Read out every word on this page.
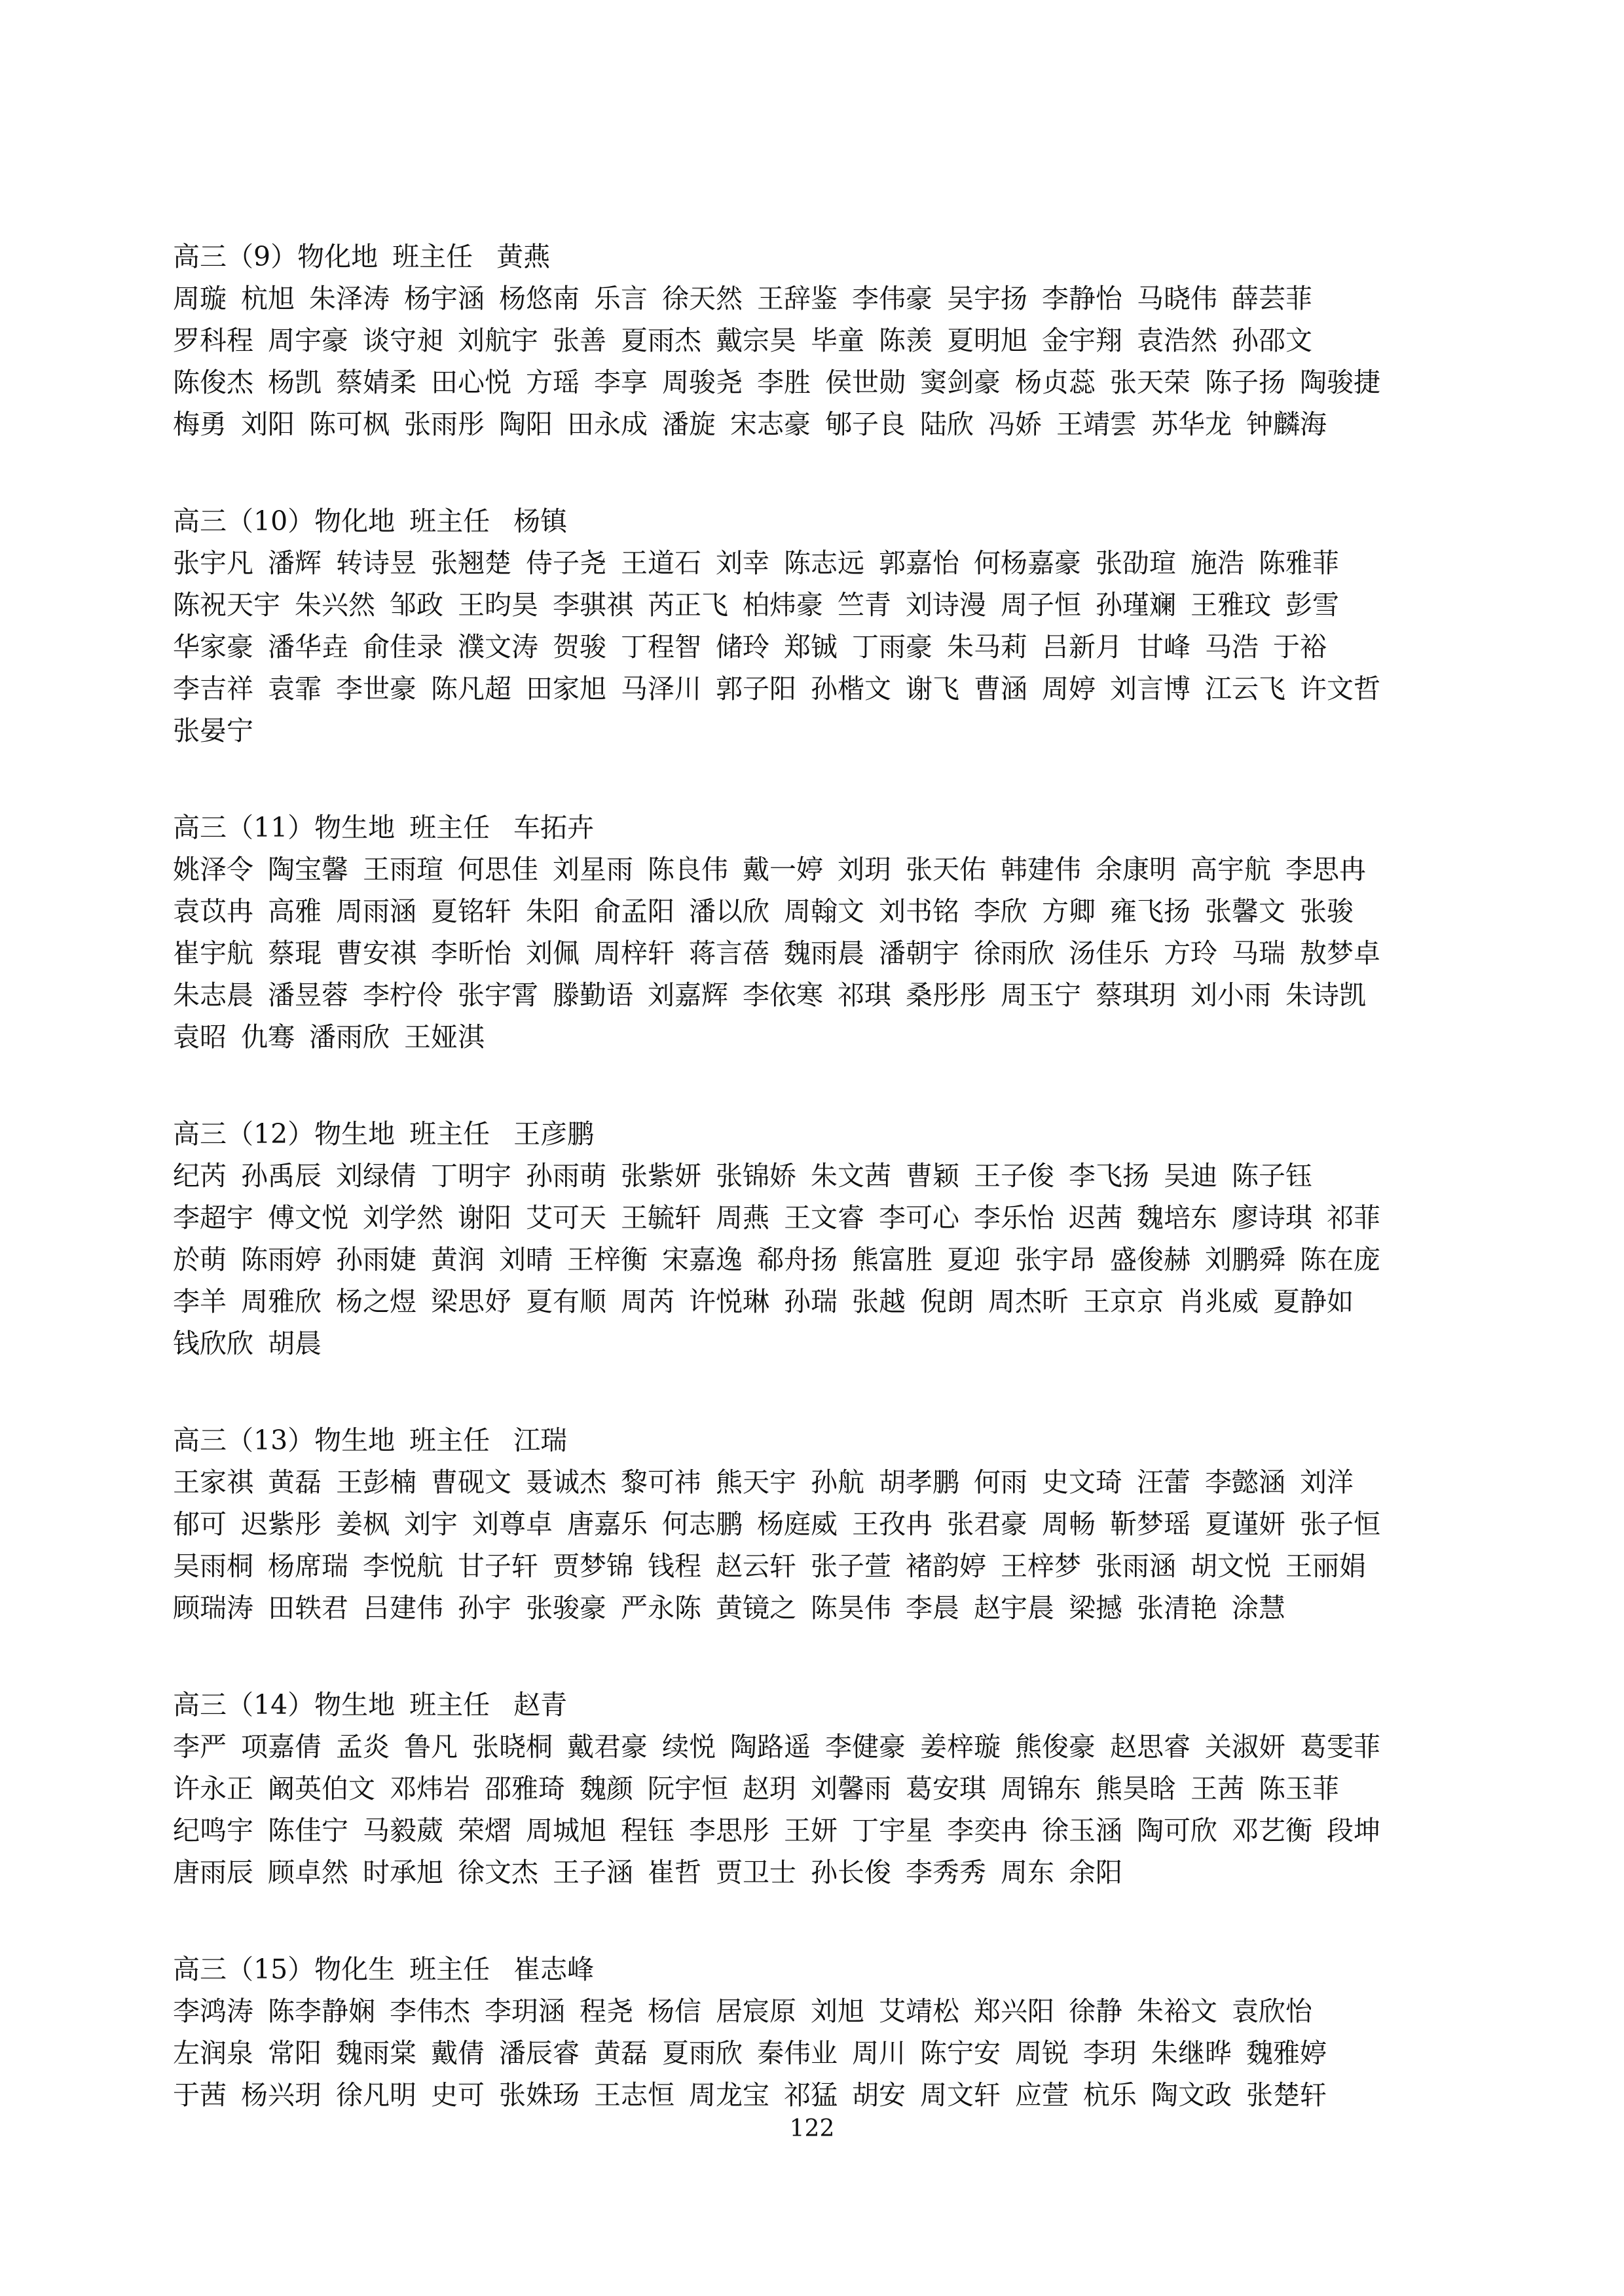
高三（9）物化地 班主任 黄燕
周璇 杭旭 朱泽涛 杨宇涵 杨悠南 乐言 徐天然 王辞鉴 李伟豪 吴宇扬 李静怡 马晓伟 薛芸菲
罗科程 周宇豪 谈守昶 刘航宇 张善 夏雨杰 戴宗昊 毕童 陈羡 夏明旭 金宇翔 袁浩然 孙邵文
陈俊杰 杨凯 蔡婧柔 田心悦 方瑶 李享 周骏尧 李胜 侯世勋 窦剑豪 杨贞蕊 张天荣 陈子扬 陶骏捷
梅勇 刘阳 陈可枫 张雨彤 陶阳 田永成 潘旋 宋志豪 郇子良 陆欣 冯娇 王靖雲 苏华龙 钟麟海
高三（10）物化地 班主任 杨镇
张宇凡 潘辉 转诗昱 张翘楚 侍子尧 王道石 刘幸 陈志远 郭嘉怡 何杨嘉豪 张劭瑄 施浩 陈雅菲
陈祝天宇 朱兴然 邹政 王昀昊 李骐祺 芮正飞 柏炜豪 竺青 刘诗漫 周子恒 孙瑾斓 王雅玟 彭雪
华家豪 潘华垚 俞佳录 濮文涛 贺骏 丁程智 储玲 郑铖 丁雨豪 朱马莉 吕新月 甘峰 马浩 于裕
李吉祥 袁霏 李世豪 陈凡超 田家旭 马泽川 郭子阳 孙楷文 谢飞 曹涵 周婷 刘言博 江云飞 许文哲
张晏宁
高三（11）物生地 班主任 车拓卉
姚泽令 陶宝馨 王雨瑄 何思佳 刘星雨 陈良伟 戴一婷 刘玥 张天佑 韩建伟 余康明 高宇航 李思冉
袁苡冉 高雅 周雨涵 夏铭轩 朱阳 俞孟阳 潘以欣 周翰文 刘书铭 李欣 方卿 雍飞扬 张馨文 张骏
崔宇航 蔡琨 曹安祺 李昕怡 刘佩 周梓轩 蒋言蓓 魏雨晨 潘朝宇 徐雨欣 汤佳乐 方玲 马瑞 敖梦卓
朱志晨 潘昱蓉 李柠伶 张宇霄 滕勤语 刘嘉辉 李依寒 祁琪 桑彤彤 周玉宁 蔡琪玥 刘小雨 朱诗凯
袁昭 仇骞 潘雨欣 王娅淇
高三（12）物生地 班主任 王彦鹏
纪芮 孙禹辰 刘绿倩 丁明宇 孙雨萌 张紫妍 张锦娇 朱文茜 曹颖 王子俊 李飞扬 吴迪 陈子钰
李超宇 傅文悦 刘学然 谢阳 艾可天 王毓轩 周燕 王文睿 李可心 李乐怡 迟茜 魏培东 廖诗琪 祁菲
於萌 陈雨婷 孙雨婕 黄润 刘晴 王梓衡 宋嘉逸 郗舟扬 熊富胜 夏迎 张宇昂 盛俊赫 刘鹏舜 陈在庞
李羊 周雅欣 杨之煜 梁思妤 夏有顺 周芮 许悦琳 孙瑞 张越 倪朗 周杰昕 王京京 肖兆威 夏静如
钱欣欣 胡晨
高三（13）物生地 班主任 江瑞
王家祺 黄磊 王彭楠 曹砚文 聂诚杰 黎可祎 熊天宇 孙航 胡孝鹏 何雨 史文琦 汪蕾 李懿涵 刘洋
郁可 迟紫彤 姜枫 刘宇 刘尊卓 唐嘉乐 何志鹏 杨庭威 王孜冉 张君豪 周畅 靳梦瑶 夏谨妍 张子恒
吴雨桐 杨席瑞 李悦航 甘子轩 贾梦锦 钱程 赵云轩 张子萱 褚韵婷 王梓梦 张雨涵 胡文悦 王丽娟
顾瑞涛 田轶君 吕建伟 孙宇 张骏豪 严永陈 黄镜之 陈昊伟 李晨 赵宇晨 梁撼 张清艳 涂慧
高三（14）物生地 班主任 赵青
李严 项嘉倩 孟炎 鲁凡 张晓桐 戴君豪 续悦 陶路遥 李健豪 姜梓璇 熊俊豪 赵思睿 关淑妍 葛雯菲
许永正 阚英伯文 邓炜岩 邵雅琦 魏颜 阮宇恒 赵玥 刘馨雨 葛安琪 周锦东 熊昊晗 王茜 陈玉菲
纪鸣宇 陈佳宁 马毅葳 荣熠 周城旭 程钰 李思彤 王妍 丁宇星 李奕冉 徐玉涵 陶可欣 邓艺衡 段坤
唐雨辰 顾卓然 时承旭 徐文杰 王子涵 崔哲 贾卫士 孙长俊 李秀秀 周东 余阳
高三（15）物化生 班主任 崔志峰
李鸿涛 陈李静娴 李伟杰 李玥涵 程尧 杨信 居宸原 刘旭 艾靖松 郑兴阳 徐静 朱裕文 袁欣怡
左润泉 常阳 魏雨棠 戴倩 潘辰睿 黄磊 夏雨欣 秦伟业 周川 陈宁安 周锐 李玥 朱继晔 魏雅婷
于茜 杨兴玥 徐凡明 史可 张姝玚 王志恒 周龙宝 祁猛 胡安 周文轩 应萱 杭乐 陶文政 张楚轩
122
